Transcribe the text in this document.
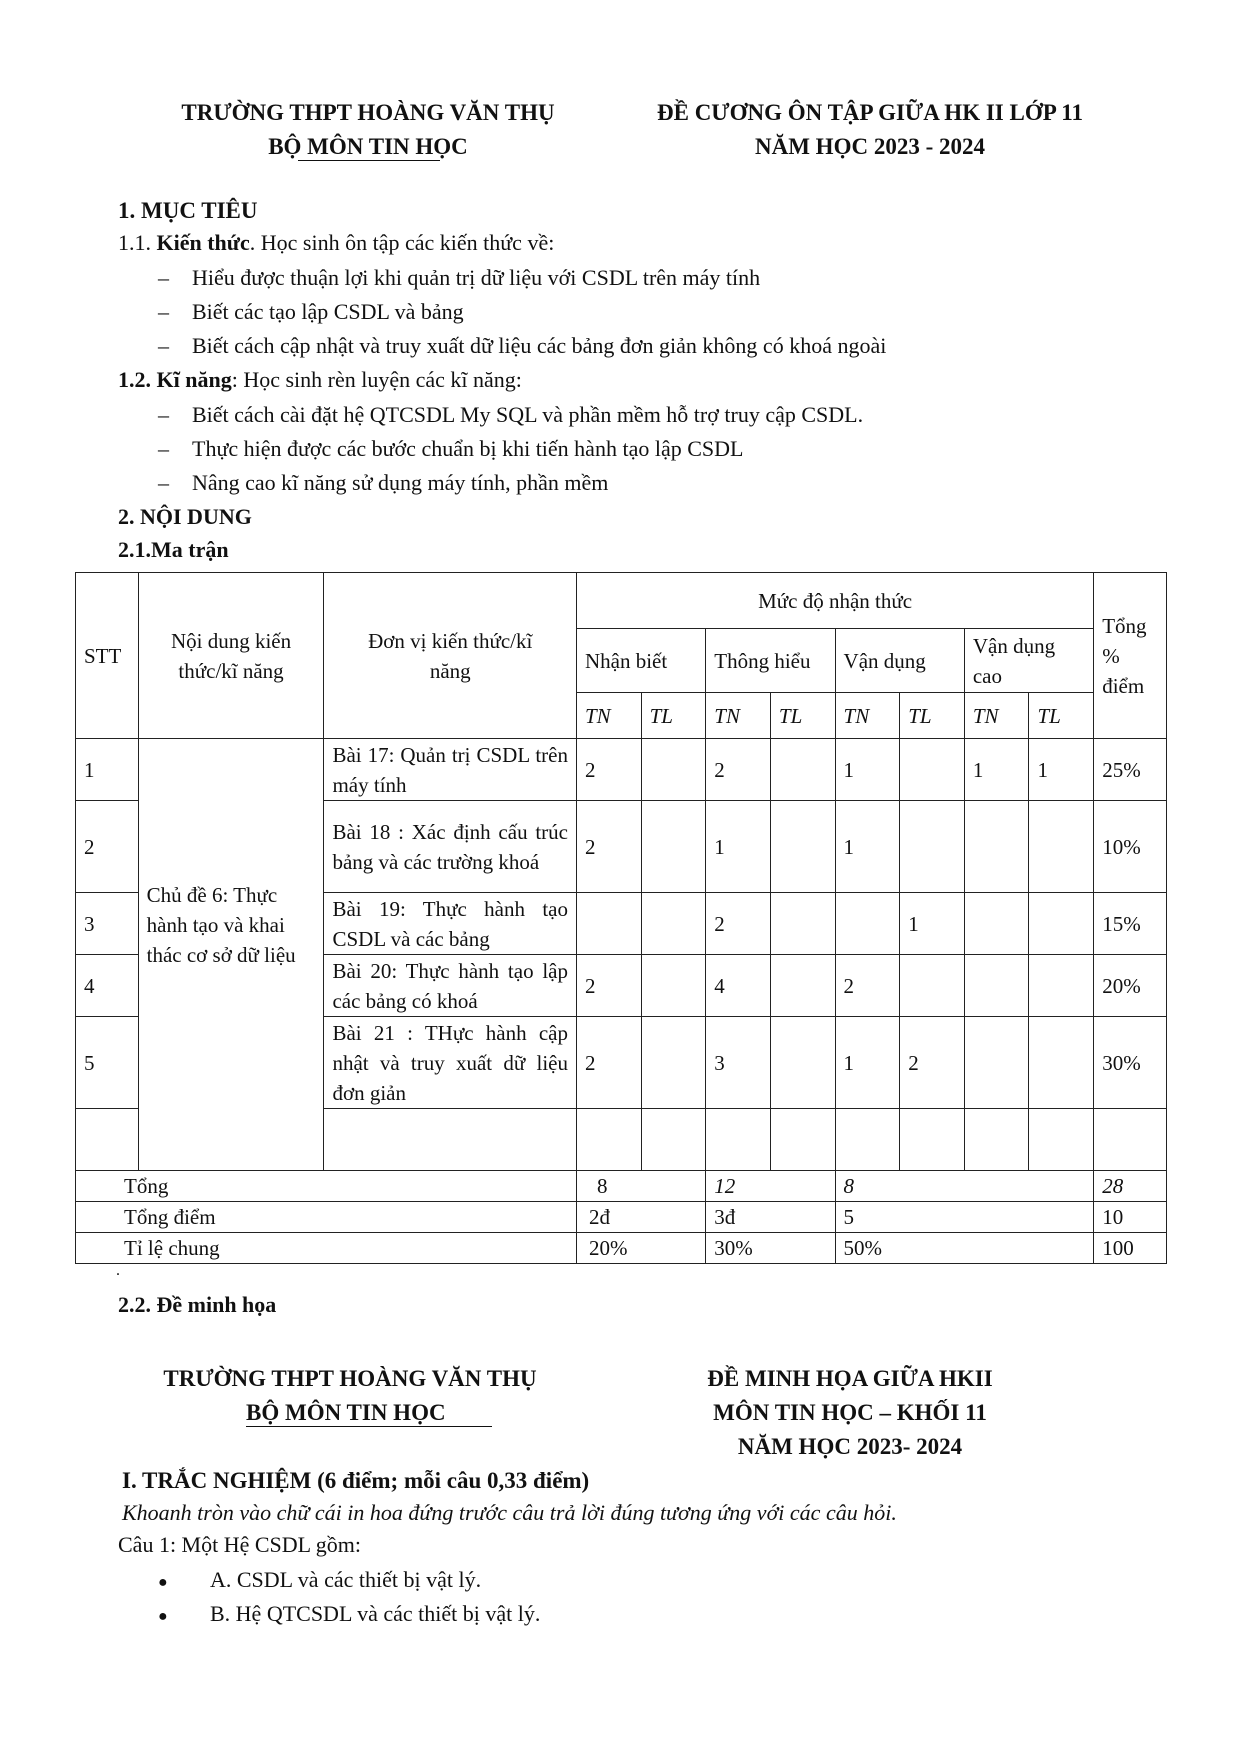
TRƯỜNG THPT HOÀNG VĂN THỤ
BỘ MÔN TIN HỌC
ĐỀ CƯƠNG ÔN TẬP GIỮA HK II LỚP 11
NĂM HỌC 2023 - 2024
1. MỤC TIÊU
1.1. Kiến thức. Học sinh ôn tập các kiến thức về:
– Hiểu được thuận lợi khi quản trị dữ liệu với CSDL trên máy tính
– Biết các tạo lập CSDL và bảng
– Biết cách cập nhật và truy xuất dữ liệu các bảng đơn giản không có khoá ngoài
1.2. Kĩ năng: Học sinh rèn luyện các kĩ năng:
– Biết cách cài đặt hệ QTCSDL My SQL và phần mềm hỗ trợ truy cập CSDL.
– Thực hiện được các bước chuẩn bị khi tiến hành tạo lập CSDL
– Nâng cao kĩ năng sử dụng máy tính, phần mềm
2. NỘI DUNG
2.1.Ma trận
STT	Nội dung kiến thức/kĩ năng	Đơn vị kiến thức/kĩ năng	Mức độ nhận thức								Tổng % điểm
			Nhận biết		Thông hiểu		Vận dụng		Vận dụng cao		
			TN	TL	TN	TL	TN	TL	TN	TL	
1	Chủ đề 6: Thực hành tạo và khai thác cơ sở dữ liệu	Bài 17: Quản trị CSDL trên máy tính	2		2		1		1	1	25%
2		Bài 18 : Xác định cấu trúc bảng và các trường khoá	2		1		1				10%
3		Bài 19: Thực hành tạo CSDL và các bảng			2			1			15%
4		Bài 20: Thực hành tạo lập các bảng có khoá	2		4		2				20%
5		Bài 21 : THực hành cập nhật và truy xuất dữ liệu đơn giản	2		3		1	2			30%

Tổng			8		12		8				28
Tổng điểm			2đ		3đ		5				10
Tỉ lệ chung			20%		30%		50%				100
.
2.2. Đề minh họa
TRƯỜNG THPT HOÀNG VĂN THỤ
BỘ MÔN TIN HỌC
ĐỀ MINH HỌA GIỮA HKII
MÔN TIN HỌC – KHỐI 11
NĂM HỌC 2023- 2024
I. TRẮC NGHIỆM (6 điểm; mỗi câu 0,33 điểm)
Khoanh tròn vào chữ cái in hoa đứng trước câu trả lời đúng tương ứng với các câu hỏi.
Câu 1: Một Hệ CSDL gồm:
● A. CSDL và các thiết bị vật lý.
● B. Hệ QTCSDL và các thiết bị vật lý.
